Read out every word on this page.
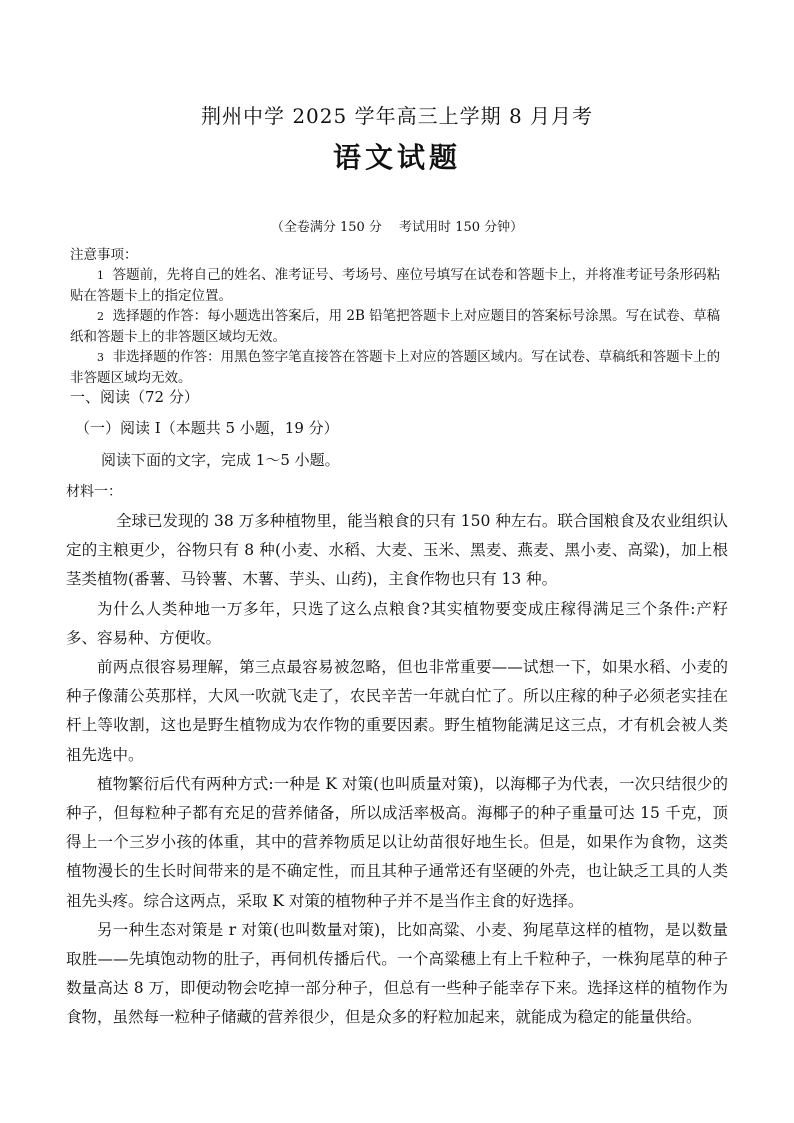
荆州中学 2025 学年高三上学期 8 月月考
语文试题
（全卷满分 150 分　 考试用时 150 分钟）

注意事项：

1 答题前，先将自己的姓名、准考证号、考场号、座位号填写在试卷和答题卡上，并将准考证号条形码粘贴在答题卡上的指定位置。

2 选择题的作答：每小题选出答案后，用 2B 铅笔把答题卡上对应题目的答案标号涂黑。写在试卷、草稿纸和答题卡上的非答题区域均无效。

3 非选择题的作答：用黑色签字笔直接答在答题卡上对应的答题区域内。写在试卷、草稿纸和答题卡上的非答题区域均无效。

一、阅读（72 分）
（一）阅读 I（本题共 5 小题，19 分）
阅读下面的文字，完成 1～5 小题。
材料一：

全球已发现的 38 万多种植物里，能当粮食的只有 150 种左右。联合国粮食及农业组织认定的主粮更少，谷物只有 8 种(小麦、水稻、大麦、玉米、黑麦、燕麦、黑小麦、高粱)，加上根茎类植物(番薯、马铃薯、木薯、芋头、山药)，主食作物也只有 13 种。

为什么人类种地一万多年，只选了这么点粮食?其实植物要变成庄稼得满足三个条件:产籽多、容易种、方便收。

前两点很容易理解，第三点最容易被忽略，但也非常重要——试想一下，如果水稻、小麦的种子像蒲公英那样，大风一吹就飞走了，农民辛苦一年就白忙了。所以庄稼的种子必须老实挂在杆上等收割，这也是野生植物成为农作物的重要因素。野生植物能满足这三点，才有机会被人类祖先选中。

植物繁衍后代有两种方式:一种是 K 对策(也叫质量对策)，以海椰子为代表，一次只结很少的种子，但每粒种子都有充足的营养储备，所以成活率极高。海椰子的种子重量可达 15 千克，顶得上一个三岁小孩的体重，其中的营养物质足以让幼苗很好地生长。但是，如果作为食物，这类植物漫长的生长时间带来的是不确定性，而且其种子通常还有坚硬的外壳，也让缺乏工具的人类祖先头疼。综合这两点，采取 K 对策的植物种子并不是当作主食的好选择。

另一种生态对策是 r 对策(也叫数量对策)，比如高粱、小麦、狗尾草这样的植物，是以数量取胜——先填饱动物的肚子，再伺机传播后代。一个高粱穗上有上千粒种子，一株狗尾草的种子数量高达 8 万，即便动物会吃掉一部分种子，但总有一些种子能幸存下来。选择这样的植物作为食物，虽然每一粒种子储藏的营养很少，但是众多的籽粒加起来，就能成为稳定的能量供给。
